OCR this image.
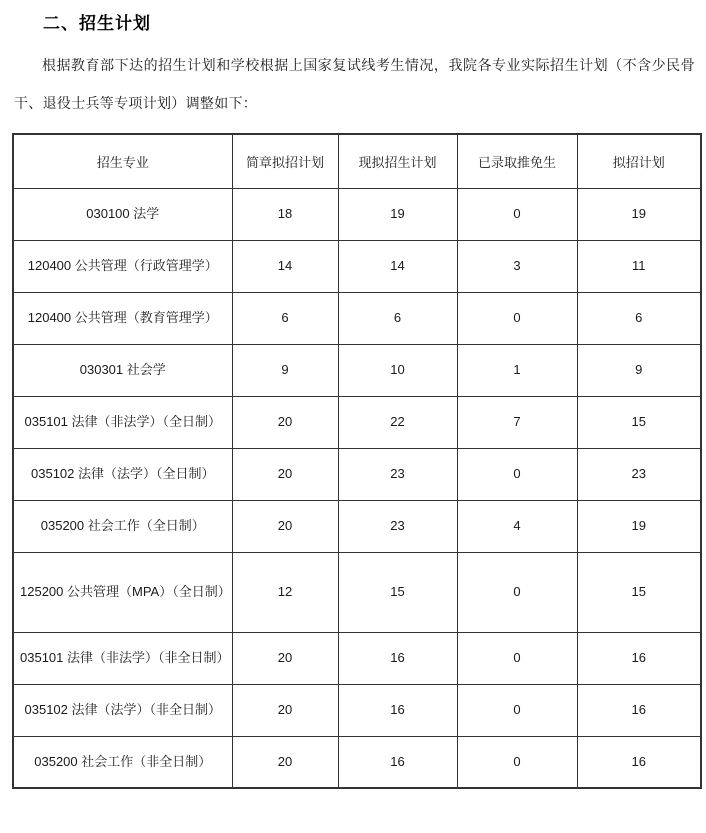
二、招生计划

根据教育部下达的招生计划和学校根据上国家复试线考生情况，我院各专业实际招生计划（不含少民骨干、退役士兵等专项计划）调整如下：

招生专业	简章拟招计划	现拟招生计划	已录取推免生	拟招计划
030100 法学	18	19	0	19
120400 公共管理（行政管理学）	14	14	3	11
120400 公共管理（教育管理学）	6	6	0	6
030301 社会学	9	10	1	9
035101 法律（非法学）（全日制）	20	22	7	15
035102 法律（法学）（全日制）	20	23	0	23
035200 社会工作（全日制）	20	23	4	19
125200 公共管理（MPA）（全日制）	12	15	0	15
035101 法律（非法学）（非全日制）	20	16	0	16
035102 法律（法学）（非全日制）	20	16	0	16
035200 社会工作（非全日制）	20	16	0	16
